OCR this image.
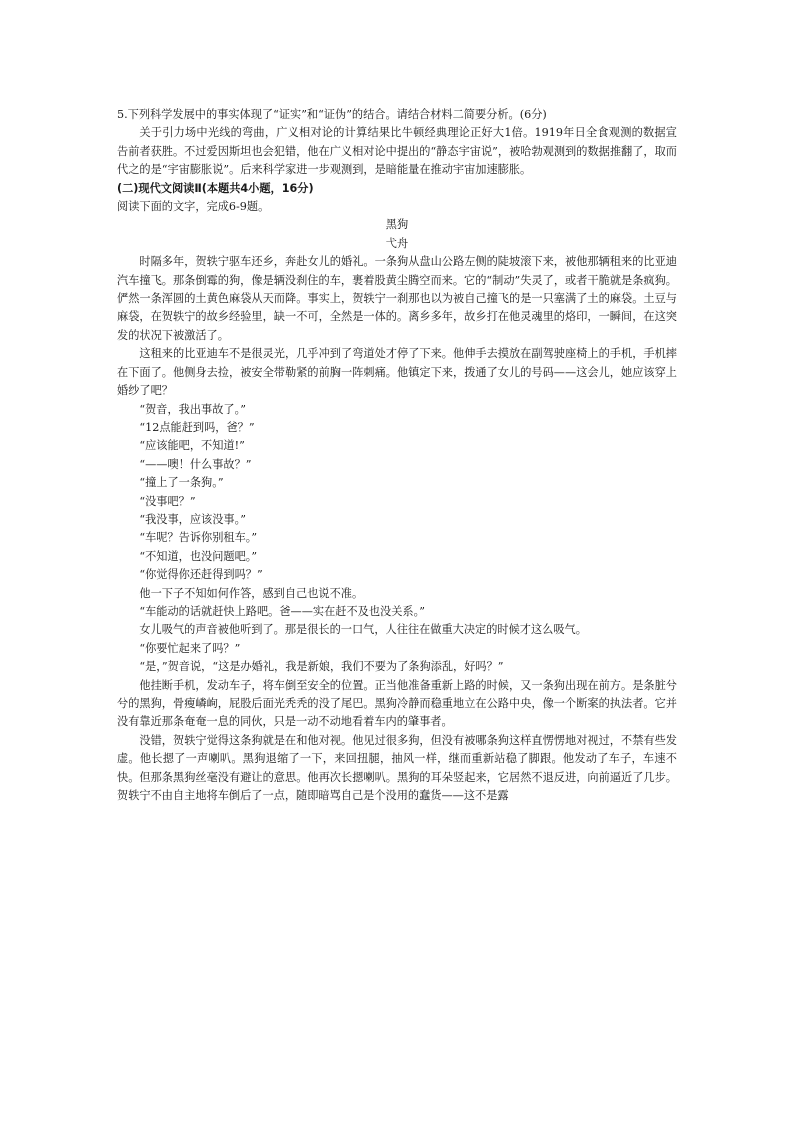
5.下列科学发展中的事实体现了“证实”和“证伪”的结合。请结合材料二简要分析。(6分)

关于引力场中光线的弯曲，广义相对论的计算结果比牛顿经典理论正好大1倍。1919年日全食观测的数据宣告前者获胜。不过爱因斯坦也会犯错，他在广义相对论中提出的“静态宇宙说”，被哈勃观测到的数据推翻了，取而代之的是“宇宙膨胀说”。后来科学家进一步观测到，是暗能量在推动宇宙加速膨胀。

(二)现代文阅读Ⅱ(本题共4小题，16分)

阅读下面的文字，完成6-9题。

黑狗

弋舟

时隔多年，贺轶宁驱车还乡，奔赴女儿的婚礼。一条狗从盘山公路左侧的陡坡滚下来，被他那辆租来的比亚迪汽车撞飞。那条倒霉的狗，像是辆没刹住的车，裹着股黄尘腾空而来。它的“制动”失灵了，或者干脆就是条疯狗。俨然一条浑圆的土黄色麻袋从天而降。事实上，贺轶宁一刹那也以为被自己撞飞的是一只塞满了土的麻袋。土豆与麻袋，在贺轶宁的故乡经验里，缺一不可，全然是一体的。离乡多年，故乡打在他灵魂里的烙印，一瞬间，在这突发的状况下被激活了。

这租来的比亚迪车不是很灵光，几乎冲到了弯道处才停了下来。他伸手去摸放在副驾驶座椅上的手机，手机摔在下面了。他侧身去捡，被安全带勒紧的前胸一阵刺痛。他镇定下来，拨通了女儿的号码——这会儿，她应该穿上婚纱了吧？

“贺音，我出事故了。”

“12点能赶到吗，爸？”

“应该能吧，不知道!”

“——噢！什么事故？”

“撞上了一条狗。”

“没事吧？”

“我没事，应该没事。”

“车呢？告诉你别租车。”

“不知道，也没问题吧。”

“你觉得你还赶得到吗？”

他一下子不知如何作答，感到自己也说不准。

“车能动的话就赶快上路吧。爸——实在赶不及也没关系。”

女儿吸气的声音被他听到了。那是很长的一口气，人往往在做重大决定的时候才这么吸气。

“你要忙起来了吗？”

“是，”贺音说，“这是办婚礼，我是新娘，我们不要为了条狗添乱，好吗？”

他挂断手机，发动车子，将车倒至安全的位置。正当他准备重新上路的时候，又一条狗出现在前方。是条脏兮兮的黑狗，骨瘦嶙峋，屁股后面光秃秃的没了尾巴。黑狗冷静而稳重地立在公路中央，像一个断案的执法者。它并没有靠近那条奄奄一息的同伙，只是一动不动地看着车内的肇事者。

没错，贺轶宁觉得这条狗就是在和他对视。他见过很多狗，但没有被哪条狗这样直愣愣地对视过，不禁有些发虚。他长摁了一声喇叭。黑狗退缩了一下，来回扭腿，抽风一样，继而重新站稳了脚跟。他发动了车子，车速不快。但那条黑狗丝毫没有避让的意思。他再次长摁喇叭。黑狗的耳朵竖起来，它居然不退反进，向前逼近了几步。贺轶宁不由自主地将车倒后了一点，随即暗骂自己是个没用的蠢货——这不是露
